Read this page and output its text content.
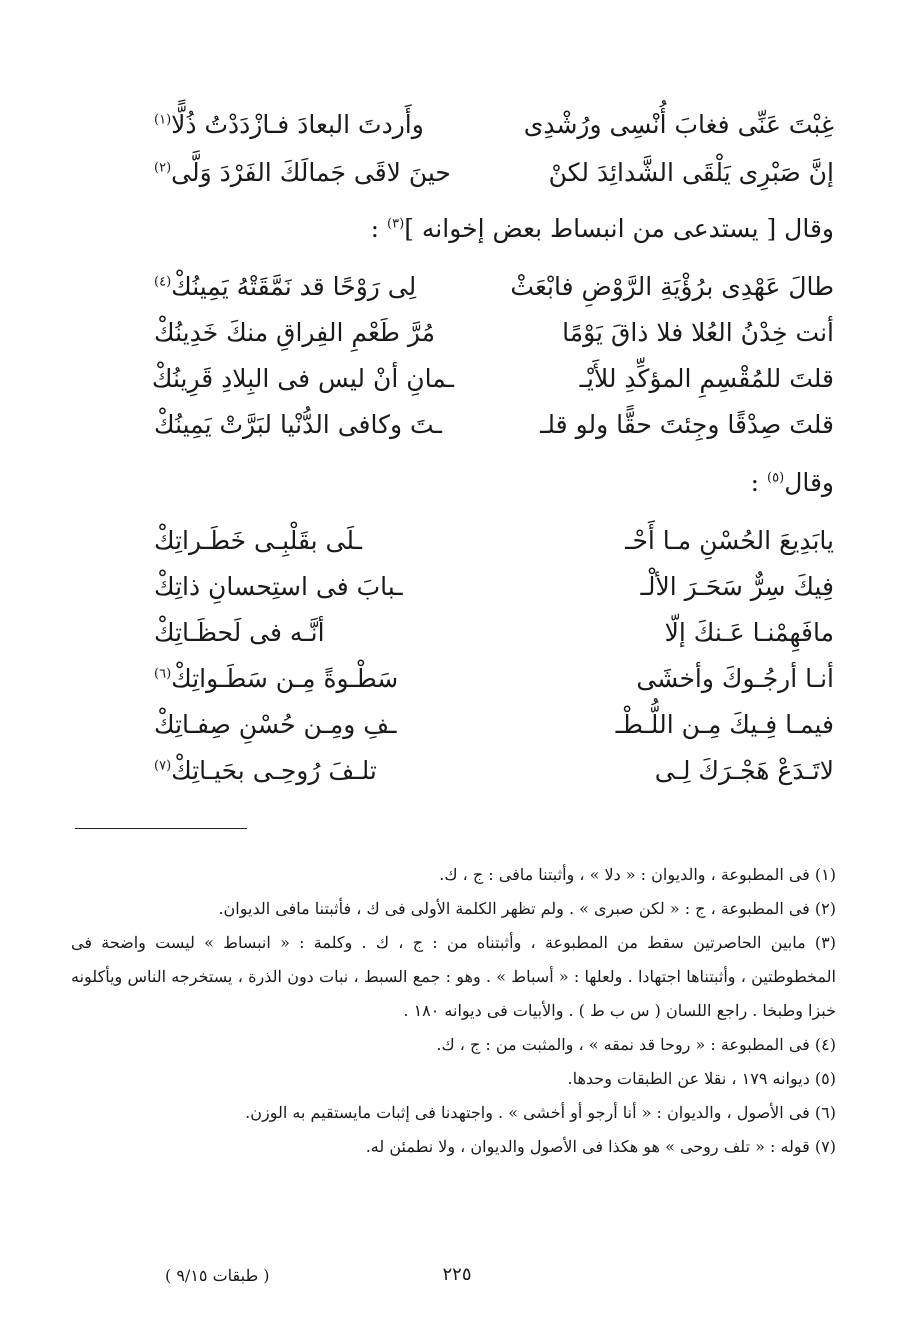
غِبْتَ عَنِّى فغابَ أُنْسِى ورُشْدِى
وأَردتَ البعادَ فـازْدَدْتُ ذُلًّا$^{(١)}$
إنَّ صَبْرِى يَلْقَى الشَّدائِدَ لكنْ
حينَ لاقَى جَمالَكَ الفَرْدَ وَلَّى$^{(٢)}$
وقال [ يستدعى من انبساط بعض إخوانه ]$^{(٣)}$ :
طالَ عَهْدِى برُؤْيَةِ الرَّوْضِ فابْعَثْ
لِى رَوْحًا قد نَمَّقَتْهُ يَمِينُكْ$^{(٤)}$
أنت خِدْنُ العُلا فلا ذاقَ يَوْمًا
مُرَّ طَعْمِ الفِراقِ منكَ خَدِينُكْ
قلتَ للمُقْسِمِ المؤكِّدِ للأَيْـ
ـمانِ أنْ ليس فى البِلادِ قَرِينُكْ
قلتَ صِدْقًا وجِئتَ حقًّا ولو قلـ
ـتَ وكافى الدُّنْيا لبَرَّتْ يَمِينُكْ
وقال$^{(٥)}$ :
يابَدِيعَ الحُسْنِ مـا أَحْـ
ـلَى بقَلْبِـى خَطَـراتِكْ
فِيكَ سِرٌّ سَحَـرَ الألْـ
ـبابَ فى استِحسانِ ذاتِكْ
مافَهِمْنـا عَـنكَ إلّا
أنَّـه فى لَحظَـاتِكْ
أنـا أرجُـوكَ وأخشَى
سَطْـوةً مِـن سَطَـواتِكْ$^{(٦)}$
فيمـا فِـيكَ مِـن اللُّـطْـ
ـفِ ومِـن حُسْنِ صِفـاتِكْ
لاتَـدَعْ هَجْـرَكَ لِـى
تلـفَ رُوحِـى بحَيـاتِكْ$^{(٧)}$
(١) فى المطبوعة ، والديوان : « دلا » ، وأثبتنا مافى : ج ، ك.
(٢) فى المطبوعة ، ج : « لكن صبرى » . ولم تظهر الكلمة الأولى فى ك ، فأثبتنا مافى الديوان.
(٣) مابين الحاصرتين سقط من المطبوعة ، وأثبتناه من : ج ، ك . وكلمة : « انبساط » ليست واضحة فى المخطوطتين ، وأثبتناها اجتهادا . ولعلها : « أسباط » . وهو : جمع السبط ، نبات دون الذرة ، يستخرجه الناس ويأكلونه خبزا وطبخا . راجع اللسان ( س ب ط ) . والأبيات فى ديوانه ١٨٠ .
(٤) فى المطبوعة : « روحا قد نمقه » ، والمثبت من : ج ، ك.
(٥) ديوانه ١٧٩ ، نقلا عن الطبقات وحدها.
(٦) فى الأصول ، والديوان : « أنا أرجو أو أخشى » . واجتهدنا فى إثبات مايستقيم به الوزن.
(٧) قوله : « تلف روحى » هو هكذا فى الأصول والديوان ، ولا نطمئن له.
٢٢٥
( طبقات ٩/١٥ )
